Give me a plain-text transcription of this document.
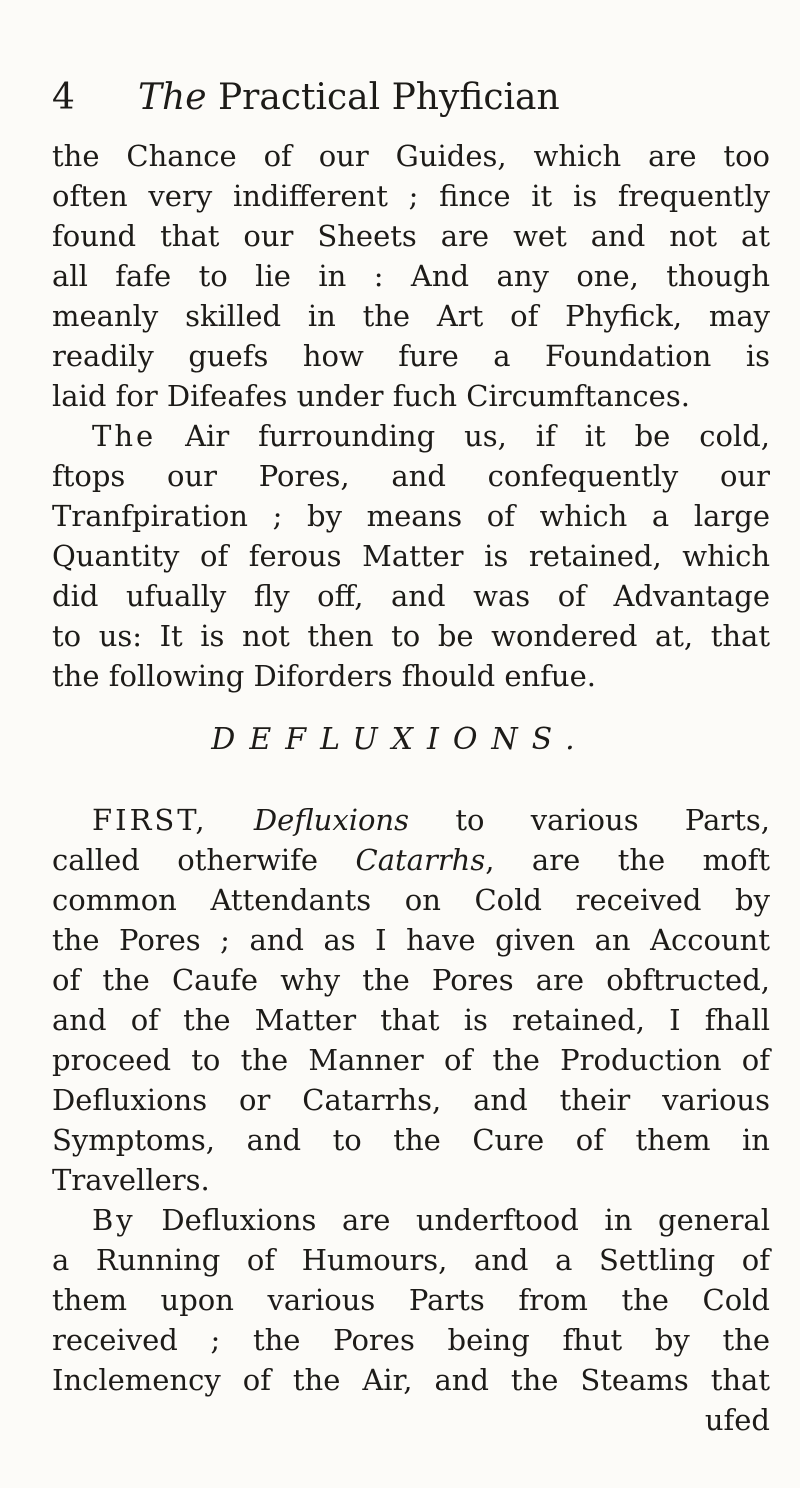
4 The Practical Phyfician
the Chance of our Guides, which are too
often very indifferent ; fince it is frequently
found that our Sheets are wet and not at
all fafe to lie in : And any one, though
meanly skilled in the Art of Phyfick, may
readily guefs how fure a Foundation is
laid for Difeafes under fuch Circumftances.
The Air furrounding us, if it be cold,
ftops our Pores, and confequently our
Tranfpiration ; by means of which a large
Quantity of ferous Matter is retained, which
did ufually fly off, and was of Advantage
to us: It is not then to be wondered at, that
the following Diforders fhould enfue.
DEFLUXIONS.
FIRST, Defluxions to various Parts,
called otherwife Catarrhs, are the moft
common Attendants on Cold received by
the Pores ; and as I have given an Account
of the Caufe why the Pores are obftructed,
and of the Matter that is retained, I fhall
proceed to the Manner of the Production of
Defluxions or Catarrhs, and their various
Symptoms, and to the Cure of them in
Travellers.
By Defluxions are underftood in general
a Running of Humours, and a Settling of
them upon various Parts from the Cold
received ; the Pores being fhut by the
Inclemency of the Air, and the Steams that
ufed
